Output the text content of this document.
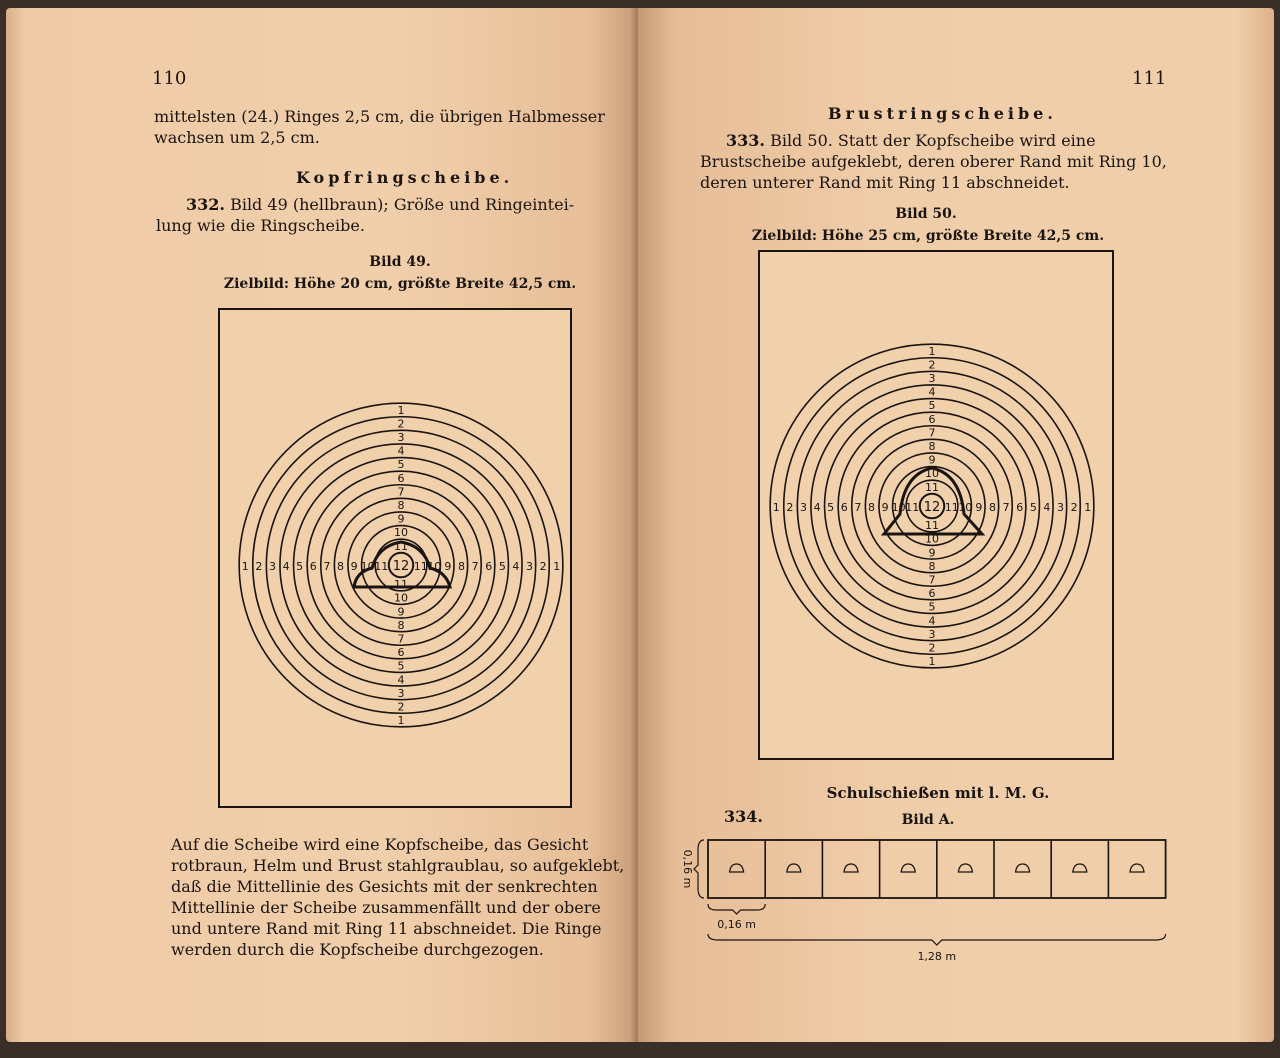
110
mittelsten (24.) Ringes 2,5 cm, die übrigen Halbmesser
wachsen um 2,5 cm.
Kopfringscheibe.
332. Bild 49 (hellbraun); Größe und Ringeintei-
lung wie die Ringscheibe.
Bild 49.
Zielbild: Höhe 20 cm, größte Breite 42,5 cm.
12
1
1
1	1
2
2
2	2
3
3
3	3
4
4
4	4
5
5
5	5
6
6
6	6
7
7
7	7
8
8
8	8
9
9
9	9
10
10
10	10
11
11
11 11
Auf die Scheibe wird eine Kopfscheibe, das Gesicht
rotbraun, Helm und Brust stahlgraublau, so aufgeklebt,
daß die Mittellinie des Gesichts mit der senkrechten
Mittellinie der Scheibe zusammenfällt und der obere
und untere Rand mit Ring 11 abschneidet. Die Ringe
werden durch die Kopfscheibe durchgezogen.
111
Brustringscheibe.
333. Bild 50. Statt der Kopfscheibe wird eine
Brustscheibe aufgeklebt, deren oberer Rand mit Ring 10,
deren unterer Rand mit Ring 11 abschneidet.
Bild 50.
Zielbild: Höhe 25 cm, größte Breite 42,5 cm.
12
1
1
1	1
2
2
2	2
3
3
3	3
4
4
4	4
5
5
5	5
6
6
6	6
7
7
7	7
8
8
8	8
9
9
9	9
10
10
10	10
11
11
11 11
Schulschießen mit l. M. G.
334.	Bild A.
0,16 m
0,16 m
1,28 m
